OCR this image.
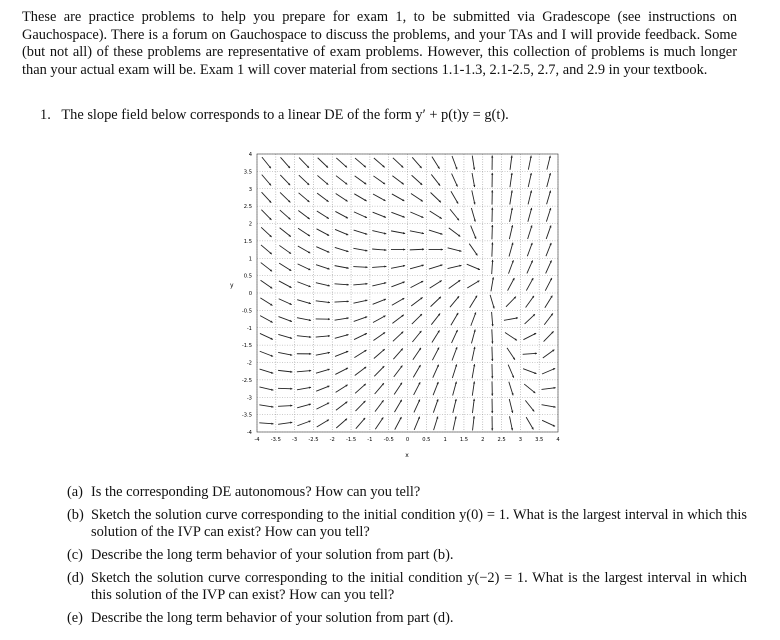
These are practice problems to help you prepare for exam 1, to be submitted via Gradescope (see instructions on Gauchospace). There is a forum on Gauchospace to discuss the problems, and your TAs and I will provide feedback. Some (but not all) of these problems are representative of exam problems. However, this collection of problems is much longer than your actual exam will be. Exam 1 will cover material from sections 1.1-1.3, 2.1-2.5, 2.7, and 2.9 in your textbook.

1. The slope field below corresponds to a linear DE of the form y′ + p(t)y = g(t).

4
3.5
3
2.5
2
1.5
1
0.5
0
-0.5
-1
-1.5
-2
-2.5
-3
-3.5
-4
-4 -3.5 -3 -2.5 -2 -1.5 -1 -0.5 0	0.5	1	1.5	2	2.5	3	3.5	4
x
y
(a) Is the corresponding DE autonomous? How can you tell?
(b) Sketch the solution curve corresponding to the initial condition y(0) = 1. What is the largest interval in which this solution of the IVP can exist? How can you tell?
(c) Describe the long term behavior of your solution from part (b).
(d) Sketch the solution curve corresponding to the initial condition y(−2) = 1. What is the largest interval in which this solution of the IVP can exist? How can you tell?
(e) Describe the long term behavior of your solution from part (d).
